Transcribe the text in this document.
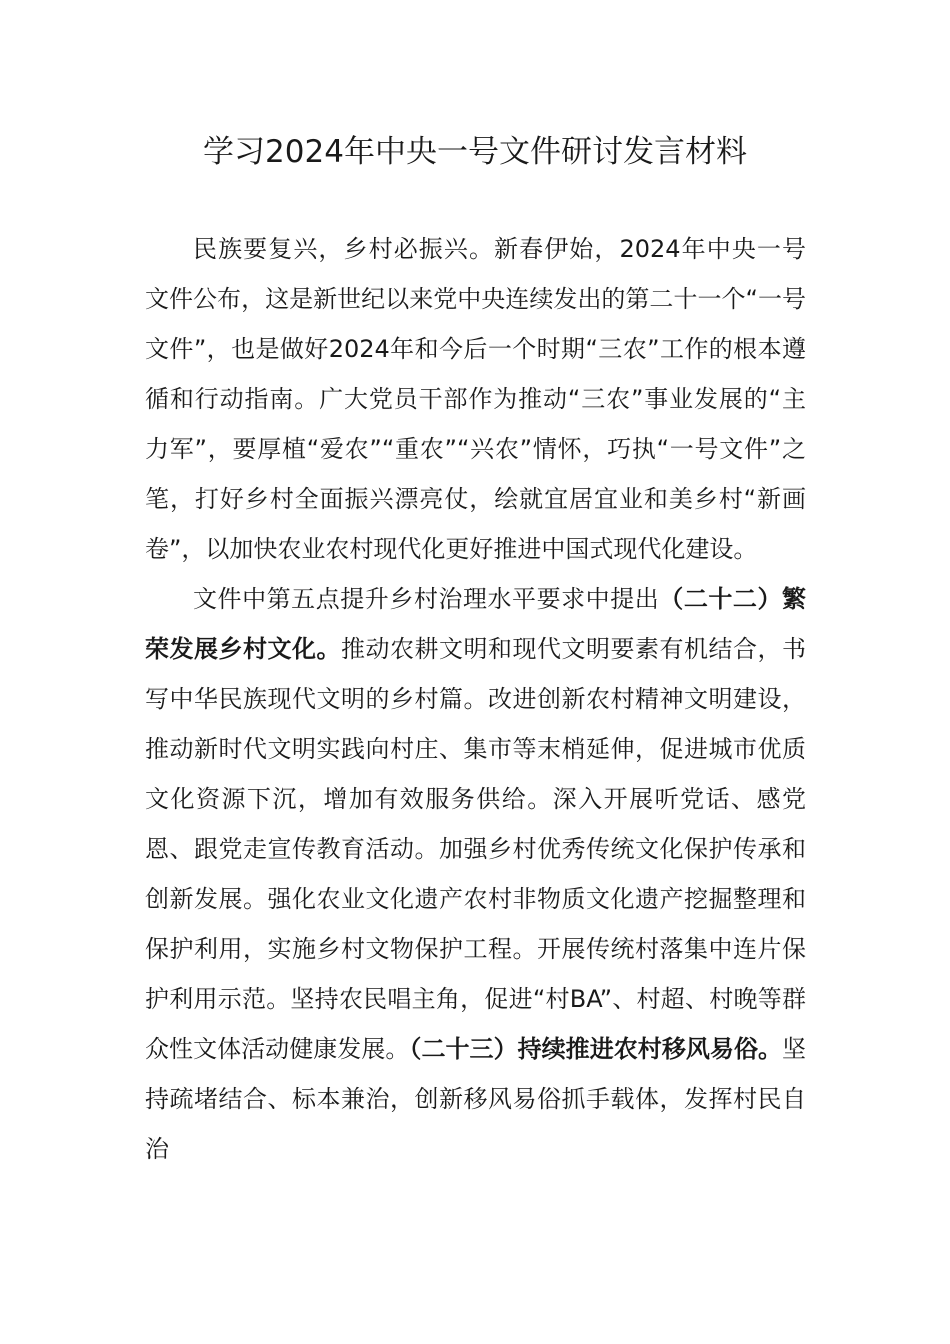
学习2024年中央一号文件研讨发言材料

民族要复兴，乡村必振兴。新春伊始，2024年中央一号文件公布，这是新世纪以来党中央连续发出的第二十一个“一号文件”，也是做好2024年和今后一个时期“三农”工作的根本遵循和行动指南。广大党员干部作为推动“三农”事业发展的“主力军”，要厚植“爱农”“重农”“兴农”情怀，巧执“一号文件”之笔，打好乡村全面振兴漂亮仗，绘就宜居宜业和美乡村“新画卷”，以加快农业农村现代化更好推进中国式现代化建设。

文件中第五点提升乡村治理水平要求中提出（二十二）繁荣发展乡村文化。推动农耕文明和现代文明要素有机结合，书写中华民族现代文明的乡村篇。改进创新农村精神文明建设，推动新时代文明实践向村庄、集市等末梢延伸，促进城市优质文化资源下沉，增加有效服务供给。深入开展听党话、感党恩、跟党走宣传教育活动。加强乡村优秀传统文化保护传承和创新发展。强化农业文化遗产农村非物质文化遗产挖掘整理和保护利用，实施乡村文物保护工程。开展传统村落集中连片保护利用示范。坚持农民唱主角，促进“村BA”、村超、村晚等群众性文体活动健康发展。（二十三）持续推进农村移风易俗。坚持疏堵结合、标本兼治，创新移风易俗抓手载体，发挥村民自治
